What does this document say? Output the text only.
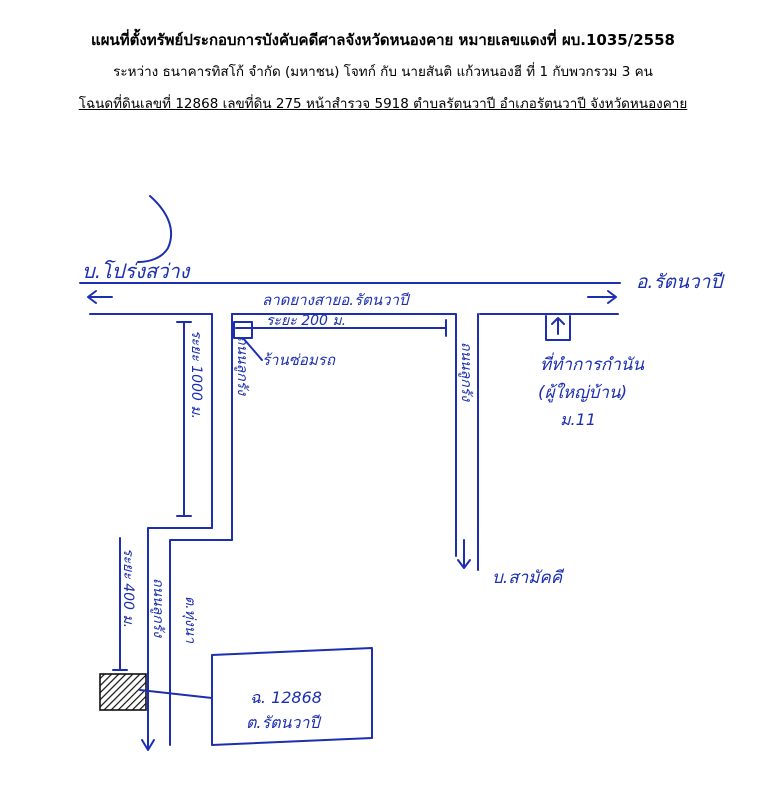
แผนที่ตั้งทรัพย์ประกอบการบังคับคดีศาลจังหวัดหนองคาย หมายเลขแดงที่ ผบ.1035/2558
ระหว่าง ธนาคารทิสโก้ จำกัด (มหาชน) โจทก์ กับ นายสันติ แก้วหนองฮี ที่ 1 กับพวกรวม 3 คน
โฉนดที่ดินเลขที่ 12868 เลขที่ดิน 275 หน้าสำรวจ 5918 ตำบลรัตนวาปี อำเภอรัตนวาปี จังหวัดหนองคาย
บ.โปร่งสว่าง	อ.รัตนวาปี
ลาดยางสายอ.รัตนวาปี
ระยะ 200 ม.
ร้านซ่อมรถ	ที่ทำการกำนัน
(ผู้ใหญ่บ้าน)
ม.11
บ.สามัคคี
ฉ. 12868
ต.รัตนวาปี
ระยะ 1000 ม. ถนนลูกรัง	ถนนลูกรัง
ระยะ 400 ม. ถนนลูกรัง ต.ทุ่งนา
